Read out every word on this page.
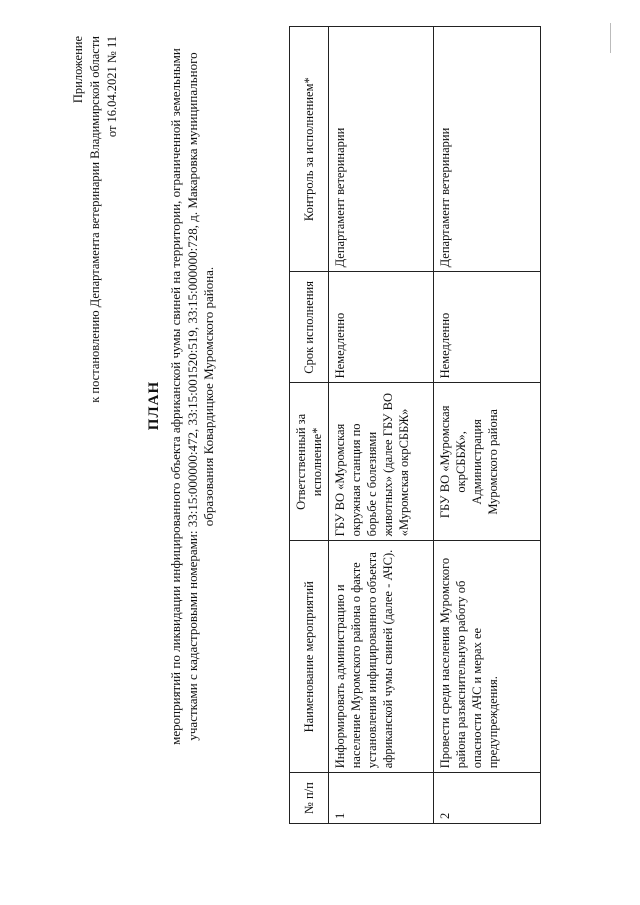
Приложение к постановлению Департамента ветеринарии Владимирской области от 16.04.2021 № 11
ПЛАН мероприятий по ликвидации инфицированного объекта африканской чумы свиней на территории, ограниченной земельными участками с кадастровыми номерами: 33:15:000000:472, 33:15:001520:519, 33:15:000000:728, д. Макаровка муниципального образования Ковардицкое Муромского района.
№ п/п	Наименование мероприятий	Ответственный за исполнение*	Срок исполнения	Контроль за исполнением*
1	Информировать администрацию и население Муромского района о факте установления инфицированного объекта африканской чумы свиней (далее - АЧС).	ГБУ ВО «Муромская окружная станция по борьбе с болезнями животных» (далее ГБУ ВО «Муромская окрСББЖ»	Немедленно	Департамент ветеринарии
2	Провести среди населения Муромского района разъяснительную работу об опасности АЧС и мерах ее предупреждения.	ГБУ ВО «Муромская окрСББЖ», Администрация Муромского района	Немедленно	Департамент ветеринарии
